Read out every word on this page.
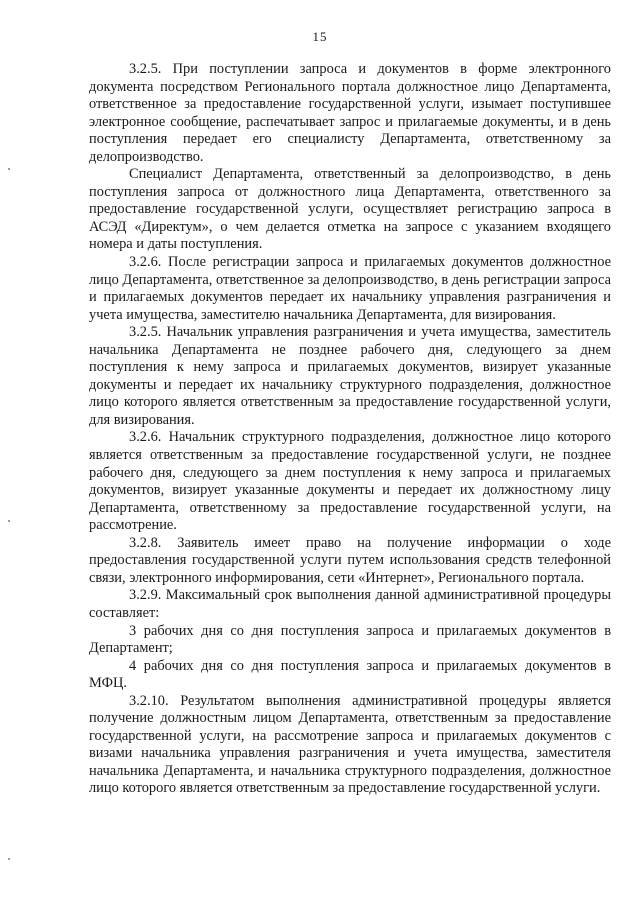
15

3.2.5. При поступлении запроса и документов в форме электронного документа посредством Регионального портала должностное лицо Департамента, ответственное за предоставление государственной услуги, изымает поступившее электронное сообщение, распечатывает запрос и прилагаемые документы, и в день поступления передает его специалисту Департамента, ответственному за делопроизводство.

Специалист Департамента, ответственный за делопроизводство, в день поступления запроса от должностного лица Департамента, ответственного за предоставление государственной услуги, осуществляет регистрацию запроса в АСЭД «Директум», о чем делается отметка на запросе с указанием входящего номера и даты поступления.

3.2.6. После регистрации запроса и прилагаемых документов должностное лицо Департамента, ответственное за делопроизводство, в день регистрации запроса и прилагаемых документов передает их начальнику управления разграничения и учета имущества, заместителю начальника Департамента, для визирования.

3.2.5. Начальник управления разграничения и учета имущества, заместитель начальника Департамента не позднее рабочего дня, следующего за днем поступления к нему запроса и прилагаемых документов, визирует указанные документы и передает их начальнику структурного подразделения, должностное лицо которого является ответственным за предоставление государственной услуги, для визирования.

3.2.6. Начальник структурного подразделения, должностное лицо которого является ответственным за предоставление государственной услуги, не позднее рабочего дня, следующего за днем поступления к нему запроса и прилагаемых документов, визирует указанные документы и передает их должностному лицу Департамента, ответственному за предоставление государственной услуги, на рассмотрение.

3.2.8. Заявитель имеет право на получение информации о ходе предоставления государственной услуги путем использования средств телефонной связи, электронного информирования, сети «Интернет», Регионального портала.

3.2.9. Максимальный срок выполнения данной административной процедуры составляет:

3 рабочих дня со дня поступления запроса и прилагаемых документов в Департамент;

4 рабочих дня со дня поступления запроса и прилагаемых документов в МФЦ.

3.2.10. Результатом выполнения административной процедуры является получение должностным лицом Департамента, ответственным за предоставление государственной услуги, на рассмотрение запроса и прилагаемых документов с визами начальника управления разграничения и учета имущества, заместителя начальника Департамента, и начальника структурного подразделения, должностное лицо которого является ответственным за предоставление государственной услуги.
